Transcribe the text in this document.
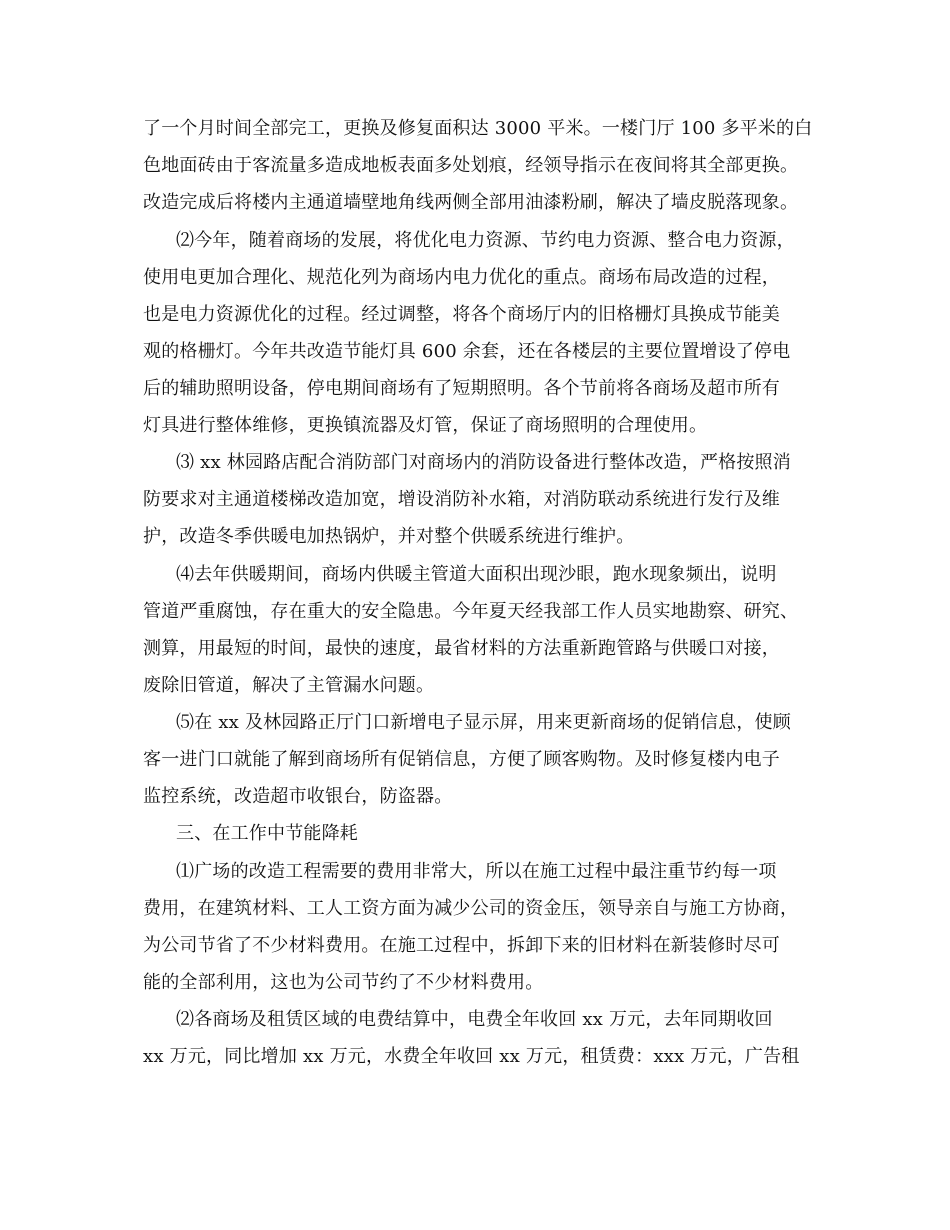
了一个月时间全部完工，更换及修复面积达 3000 平米。一楼门厅 100 多平米的白
色地面砖由于客流量多造成地板表面多处划痕，经领导指示在夜间将其全部更换。
改造完成后将楼内主通道墙壁地角线两侧全部用油漆粉刷，解决了墙皮脱落现象。
⑵今年，随着商场的发展，将优化电力资源、节约电力资源、整合电力资源，
使用电更加合理化、规范化列为商场内电力优化的重点。商场布局改造的过程，
也是电力资源优化的过程。经过调整，将各个商场厅内的旧格栅灯具换成节能美
观的格栅灯。今年共改造节能灯具 600 余套，还在各楼层的主要位置增设了停电
后的辅助照明设备，停电期间商场有了短期照明。各个节前将各商场及超市所有
灯具进行整体维修，更换镇流器及灯管，保证了商场照明的合理使用。
⑶ xx 林园路店配合消防部门对商场内的消防设备进行整体改造，严格按照消
防要求对主通道楼梯改造加宽，增设消防补水箱，对消防联动系统进行发行及维
护，改造冬季供暖电加热锅炉，并对整个供暖系统进行维护。
⑷去年供暖期间，商场内供暖主管道大面积出现沙眼，跑水现象频出，说明
管道严重腐蚀，存在重大的安全隐患。今年夏天经我部工作人员实地勘察、研究、
测算，用最短的时间，最快的速度，最省材料的方法重新跑管路与供暖口对接，
废除旧管道，解决了主管漏水问题。
⑸在 xx 及林园路正厅门口新增电子显示屏，用来更新商场的促销信息，使顾
客一进门口就能了解到商场所有促销信息，方便了顾客购物。及时修复楼内电子
监控系统，改造超市收银台，防盗器。
三、在工作中节能降耗
⑴广场的改造工程需要的费用非常大，所以在施工过程中最注重节约每一项
费用，在建筑材料、工人工资方面为减少公司的资金压，领导亲自与施工方协商，
为公司节省了不少材料费用。在施工过程中，拆卸下来的旧材料在新装修时尽可
能的全部利用，这也为公司节约了不少材料费用。
⑵各商场及租赁区域的电费结算中，电费全年收回 xx 万元，去年同期收回
xx 万元，同比增加 xx 万元，水费全年收回 xx 万元，租赁费：xxx 万元，广告租
